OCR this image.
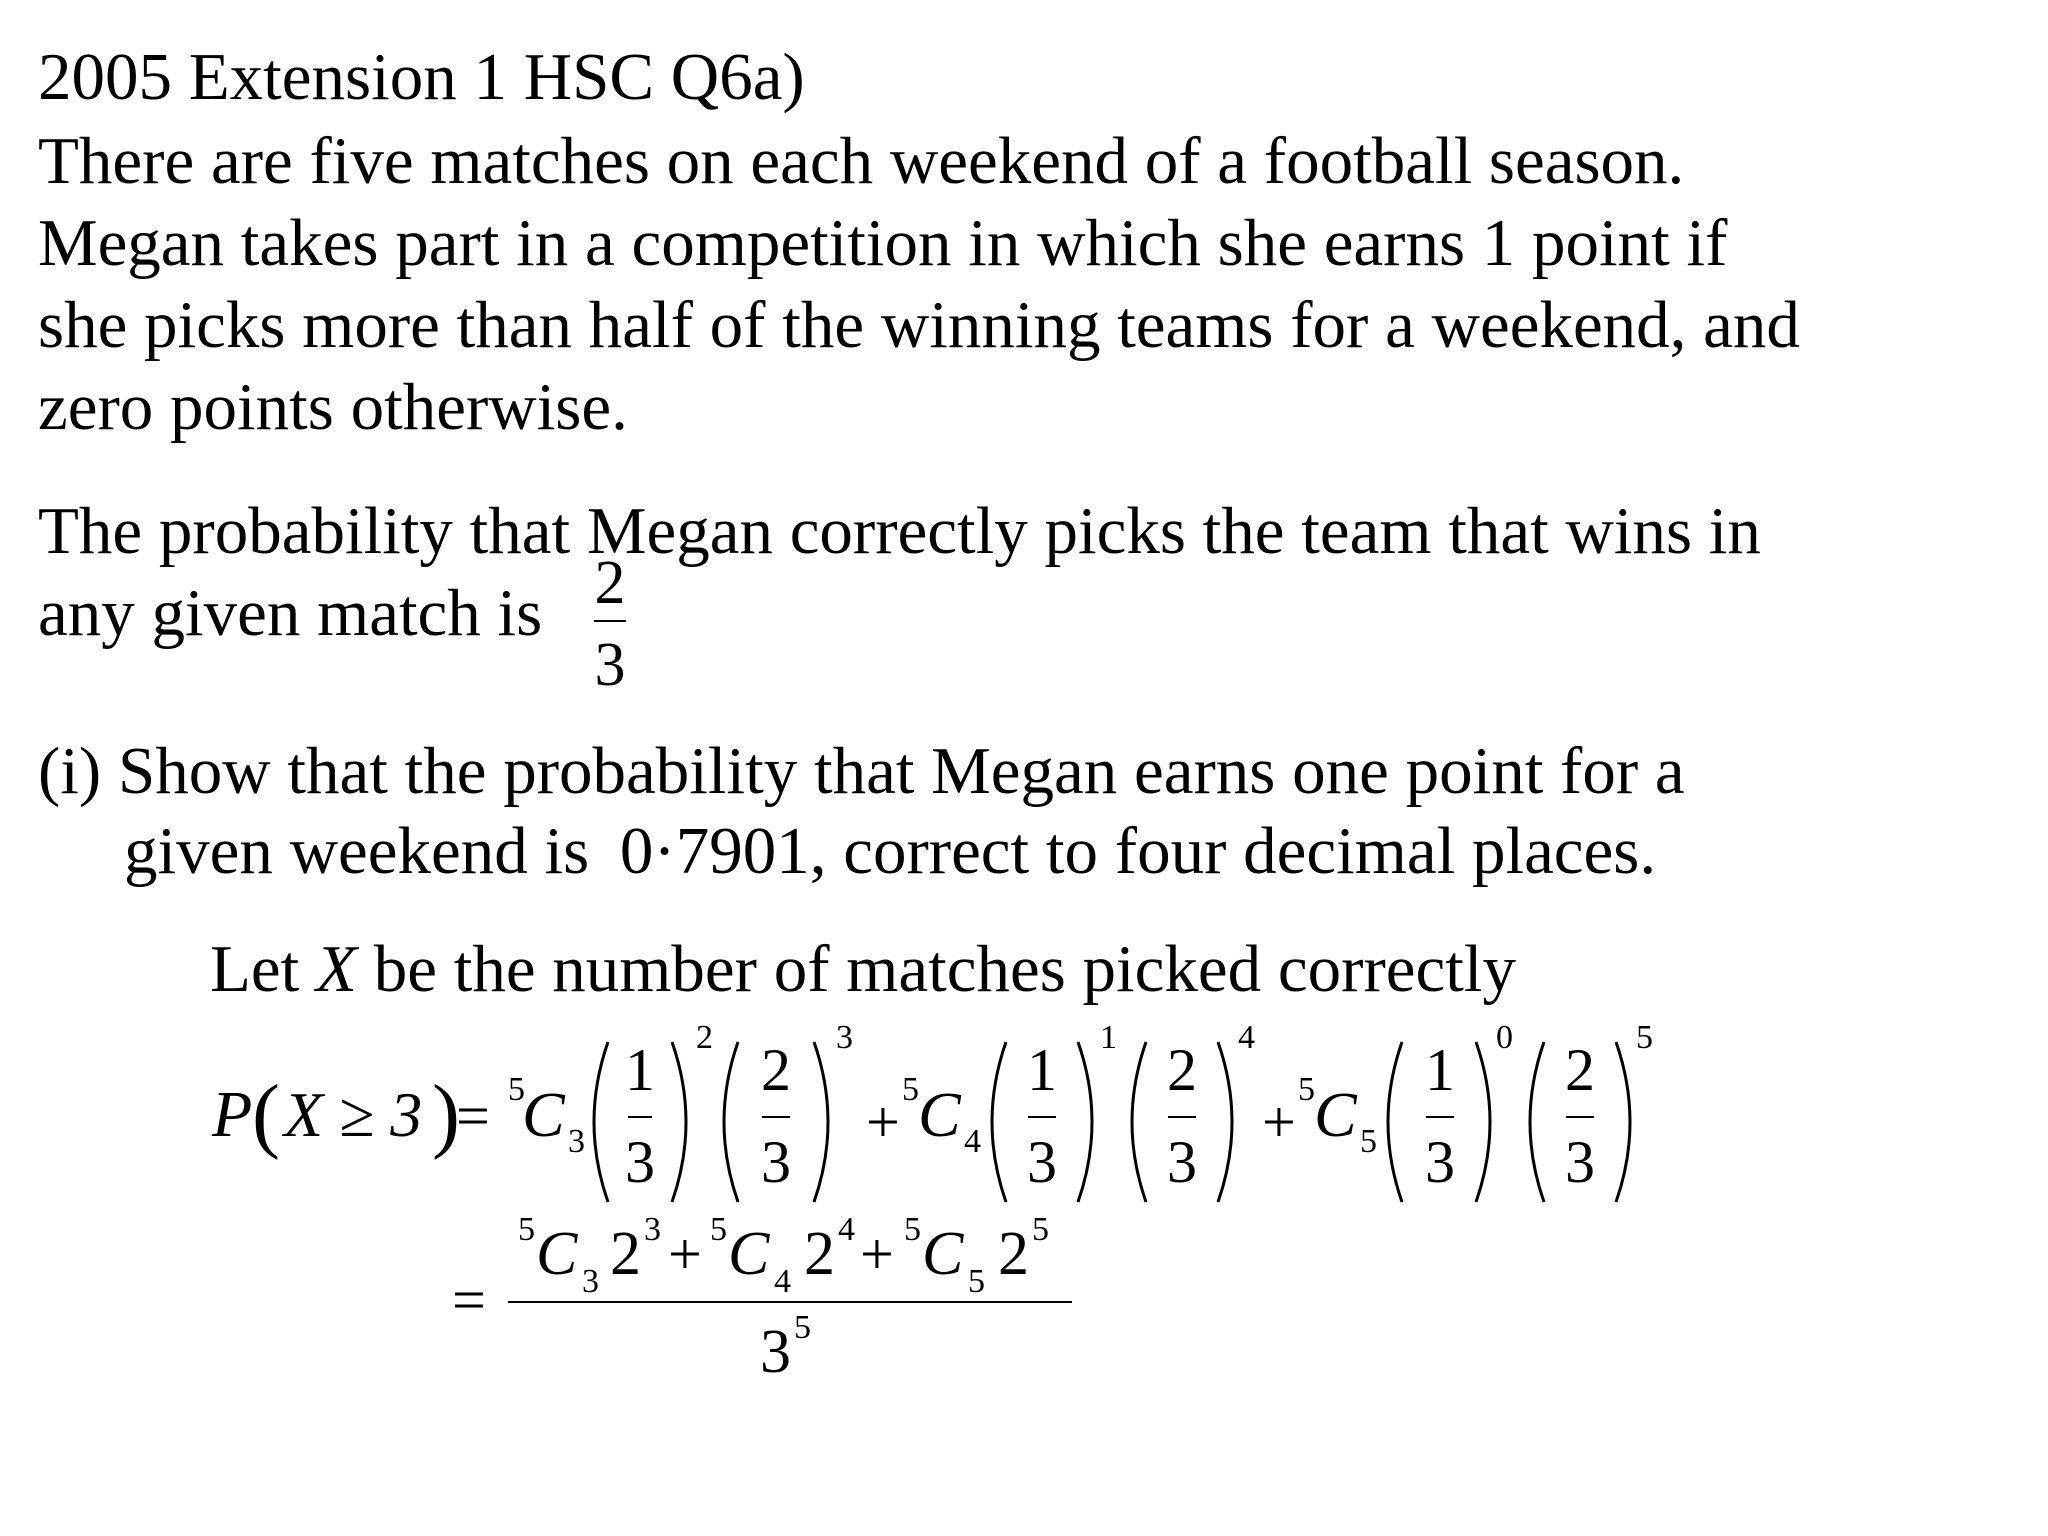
2005 Extension 1 HSC Q6a)
There are five matches on each weekend of a football season.
Megan takes part in a competition in which she earns 1 point if
she picks more than half of the winning teams for a weekend, and
zero points otherwise.
The probability that Megan correctly picks the team that wins in
any given match is 2
3
(i) Show that the probability that Megan earns one point for a
given weekend is 0·7901, correct to four decimal places.
Let X be the number of matches picked correctly
P ( X ≥ 3 )
= 5
C 3
1
3
2 2
3
3
+ 5 C 4
1
3
1 2
3
4
+ 5 C 5
1
3
0 2
3
5
=
5 C 3 2 3 + 5 C 4 2 4 + 5 C 5 2 5
3 5
